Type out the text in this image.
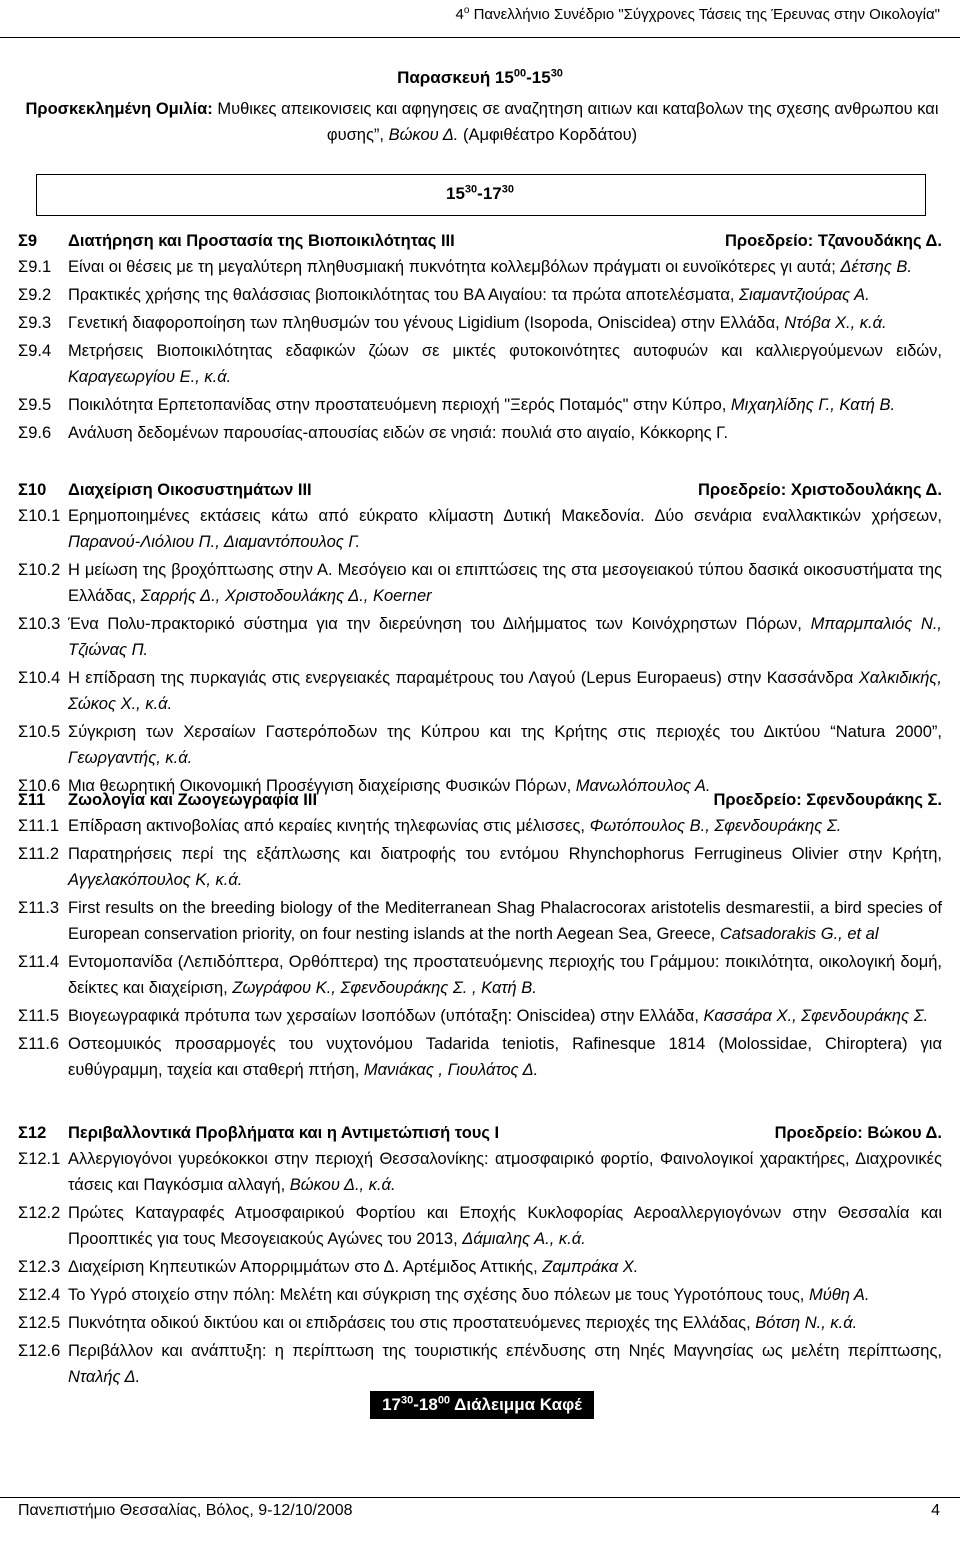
$4^o$ Πανελλήνιο Συνέδριο "Σύγχρονες Τάσεις της Έρευνας στην Οικολογία"
Παρασκευή $15^{00}-15^{30}$
Προσκεκλημένη Ομιλία: Μυθικες απεικονισεις και αφηγησεις σε αναζητηση αιτιων και καταβολων της σχεσης ανθρωπου και φυσης”, Βώκου Δ. (Αμφιθέατρο Κορδάτου)
$15^{30}-17^{30}$
Σ9 Διατήρηση και Προστασία της Βιοποικιλότητας ΙΙΙ	Προεδρείο: Τζανουδάκης Δ.
Σ9.1 Είναι οι θέσεις με τη μεγαλύτερη πληθυσμιακή πυκνότητα κολλεμβόλων πράγματι οι ευνοϊκότερες γι αυτά; Δέτσης Β.
Σ9.2 Πρακτικές χρήσης της θαλάσσιας βιοποικιλότητας του ΒΑ Αιγαίου: τα πρώτα αποτελέσματα, Σιαμαντζιούρας Α.
Σ9.3 Γενετική διαφοροποίηση των πληθυσμών του γένους Ligidium (Isopoda, Oniscidea) στην Ελλάδα, Ντόβα Χ., κ.ά.
Σ9.4 Μετρήσεις Βιοποικιλότητας εδαφικών ζώων σε μικτές φυτοκοινότητες αυτοφυών και καλλιεργούμενων ειδών, Καραγεωργίου Ε., κ.ά.
Σ9.5 Ποικιλότητα Ερπετοπανίδας στην προστατευόμενη περιοχή "Ξερός Ποταμός" στην Κύπρο, Μιχαηλίδης Γ., Κατή Β.
Σ9.6 Ανάλυση δεδομένων παρουσίας-απουσίας ειδών σε νησιά: πουλιά στο αιγαίο, Κόκκορης Γ.
Σ10 Διαχείριση Οικοσυστημάτων ΙΙΙ	Προεδρείο: Χριστοδουλάκης Δ.
Σ10.1 Ερημοποιημένες εκτάσεις κάτω από εύκρατο κλίμαστη Δυτική Μακεδονία. Δύο σενάρια εναλλακτικών χρήσεων, Παρανού-Λιόλιου Π., Διαμαντόπουλος Γ.
Σ10.2 Η μείωση της βροχόπτωσης στην Α. Μεσόγειο και οι επιπτώσεις της στα μεσογειακού τύπου δασικά οικοσυστήματα της Ελλάδας, Σαρρής Δ., Χριστοδουλάκης Δ., Koerner
Σ10.3 Ένα Πολυ-πρακτορικό σύστημα για την διερεύνηση του Διλήμματος των Κοινόχρηστων Πόρων, Μπαρμπαλιός Ν., Τζιώνας Π.
Σ10.4 Η επίδραση της πυρκαγιάς στις ενεργειακές παραμέτρους του Λαγού (Lepus Europaeus) στην Κασσάνδρα Χαλκιδικής, Σώκος Χ., κ.ά.
Σ10.5 Σύγκριση των Χερσαίων Γαστερόποδων της Κύπρου και της Κρήτης στις περιοχές του Δικτύου “Natura 2000”, Γεωργαντής, κ.ά.
Σ10.6 Μια θεωρητική Οικονομική Προσέγγιση διαχείρισης Φυσικών Πόρων, Μανωλόπουλος Α.
Σ11 Ζωολογία και Ζωογεωγραφία ΙΙΙ	Προεδρείο: Σφενδουράκης Σ.
Σ11.1 Επίδραση ακτινοβολίας από κεραίες κινητής τηλεφωνίας στις μέλισσες, Φωτόπουλος Β., Σφενδουράκης Σ.
Σ11.2 Παρατηρήσεις περί της εξάπλωσης και διατροφής του εντόμου Rhynchophorus Ferrugineus Olivier στην Κρήτη, Αγγελακόπουλος Κ, κ.ά.
Σ11.3 First results on the breeding biology of the Mediterranean Shag Phalacrocorax aristotelis desmarestii, a bird species of European conservation priority, on four nesting islands at the north Aegean Sea, Greece, Catsadorakis G., et al
Σ11.4 Εντομοπανίδα (Λεπιδόπτερα, Ορθόπτερα) της προστατευόμενης περιοχής του Γράμμου: ποικιλότητα, οικολογική δομή, δείκτες και διαχείριση, Ζωγράφου Κ., Σφενδουράκης Σ. , Κατή Β.
Σ11.5 Βιογεωγραφικά πρότυπα των χερσαίων Ισοπόδων (υπόταξη: Oniscidea) στην Ελλάδα, Κασσάρα Χ., Σφενδουράκης Σ.
Σ11.6 Οστεομυικός προσαρμογές του νυχτονόμου Tadarida teniotis, Rafinesque 1814 (Molossidae, Chiroptera) για ευθύγραμμη, ταχεία και σταθερή πτήση, Μανιάκας , Γιουλάτος Δ.
Σ12 Περιβαλλοντικά Προβλήματα και η Αντιμετώπισή τους Ι	Προεδρείο: Βώκου Δ.
Σ12.1 Αλλεργιογόνοι γυρεόκοκκοι στην περιοχή Θεσσαλονίκης: ατμοσφαιρικό φορτίο, Φαινολογικοί χαρακτήρες, Διαχρονικές τάσεις και Παγκόσμια αλλαγή, Βώκου Δ., κ.ά.
Σ12.2 Πρώτες Καταγραφές Ατμοσφαιρικού Φορτίου και Εποχής Κυκλοφορίας Αεροαλλεργιογόνων στην Θεσσαλία και Προοπτικές για τους Μεσογειακούς Αγώνες του 2013, Δάμιαλης Α., κ.ά.
Σ12.3 Διαχείριση Κηπευτικών Απορριμμάτων στο Δ. Αρτέμιδος Αττικής, Ζαμπράκα Χ.
Σ12.4 Το Υγρό στοιχείο στην πόλη: Μελέτη και σύγκριση της σχέσης δυο πόλεων με τους Υγροτόπους τους, Μύθη Α.
Σ12.5 Πυκνότητα οδικού δικτύου και οι επιδράσεις του στις προστατευόμενες περιοχές της Ελλάδας, Βότση Ν., κ.ά.
Σ12.6 Περιβάλλον και ανάπτυξη: η περίπτωση της τουριστικής επένδυσης στη Νηές Μαγνησίας ως μελέτη περίπτωσης, Νταλής Δ.
$17^{30}-18^{00}$ Διάλειμμα Καφέ
Πανεπιστήμιο Θεσσαλίας, Βόλος, 9-12/10/2008	4
